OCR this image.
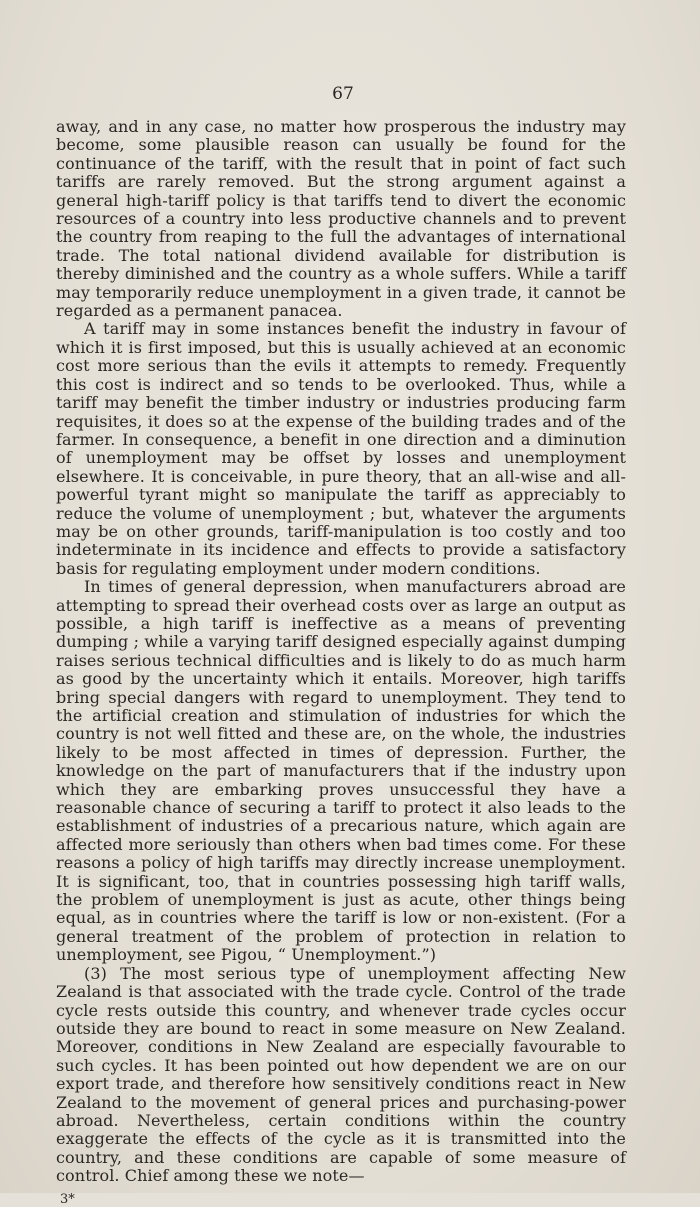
67

away, and in any case, no matter how prosperous the industry may become, some plausible reason can usually be found for the continuance of the tariff, with the result that in point of fact such tariffs are rarely removed. But the strong argument against a general high-tariff policy is that tariffs tend to divert the economic resources of a country into less productive channels and to prevent the country from reaping to the full the advantages of international trade. The total national dividend available for distribution is thereby diminished and the country as a whole suffers. While a tariff may temporarily reduce unemployment in a given trade, it cannot be regarded as a permanent panacea.

A tariff may in some instances benefit the industry in favour of which it is first imposed, but this is usually achieved at an economic cost more serious than the evils it attempts to remedy. Frequently this cost is indirect and so tends to be overlooked. Thus, while a tariff may benefit the timber industry or industries producing farm requisites, it does so at the expense of the building trades and of the farmer. In consequence, a benefit in one direction and a diminution of unemployment may be offset by losses and unemployment elsewhere. It is conceivable, in pure theory, that an all-wise and all-powerful tyrant might so manipulate the tariff as appreciably to reduce the volume of unemployment ; but, whatever the arguments may be on other grounds, tariff-manipulation is too costly and too indeterminate in its incidence and effects to provide a satisfactory basis for regulating employment under modern conditions.

In times of general depression, when manufacturers abroad are attempting to spread their overhead costs over as large an output as possible, a high tariff is ineffective as a means of preventing dumping ; while a varying tariff designed especially against dumping raises serious technical difficulties and is likely to do as much harm as good by the uncertainty which it entails. Moreover, high tariffs bring special dangers with regard to unemployment. They tend to the artificial creation and stimulation of industries for which the country is not well fitted and these are, on the whole, the industries likely to be most affected in times of depression. Further, the knowledge on the part of manufacturers that if the industry upon which they are embarking proves unsuccessful they have a reasonable chance of securing a tariff to protect it also leads to the establishment of industries of a precarious nature, which again are affected more seriously than others when bad times come. For these reasons a policy of high tariffs may directly increase unemployment. It is significant, too, that in countries possessing high tariff walls, the problem of unemployment is just as acute, other things being equal, as in countries where the tariff is low or non-existent. (For a general treatment of the problem of protection in relation to unemployment, see Pigou, “ Unemployment.”)

(3) The most serious type of unemployment affecting New Zealand is that associated with the trade cycle. Control of the trade cycle rests outside this country, and whenever trade cycles occur outside they are bound to react in some measure on New Zealand. Moreover, conditions in New Zealand are especially favourable to such cycles. It has been pointed out how dependent we are on our export trade, and therefore how sensitively conditions react in New Zealand to the movement of general prices and purchasing-power abroad. Nevertheless, certain conditions within the country exaggerate the effects of the cycle as it is transmitted into the country, and these conditions are capable of some measure of control. Chief among these we note—

3*
